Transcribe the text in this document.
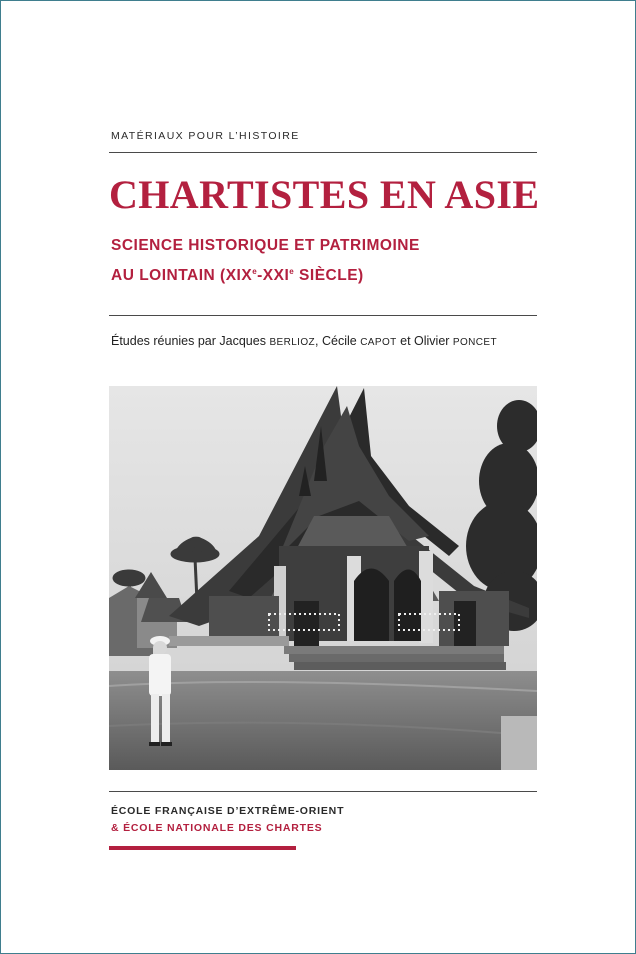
MATÉRIAUX POUR L’HISTOIRE
CHARTISTES EN ASIE
SCIENCE HISTORIQUE ET PATRIMOINE
AU LOINTAIN (XIXe-XXIe SIÈCLE)
Études réunies par Jacques BERLIOZ, Cécile CAPOT et Olivier PONCET
ÉCOLE FRANÇAISE D’EXTRÊME-ORIENT
& ÉCOLE NATIONALE DES CHARTES
